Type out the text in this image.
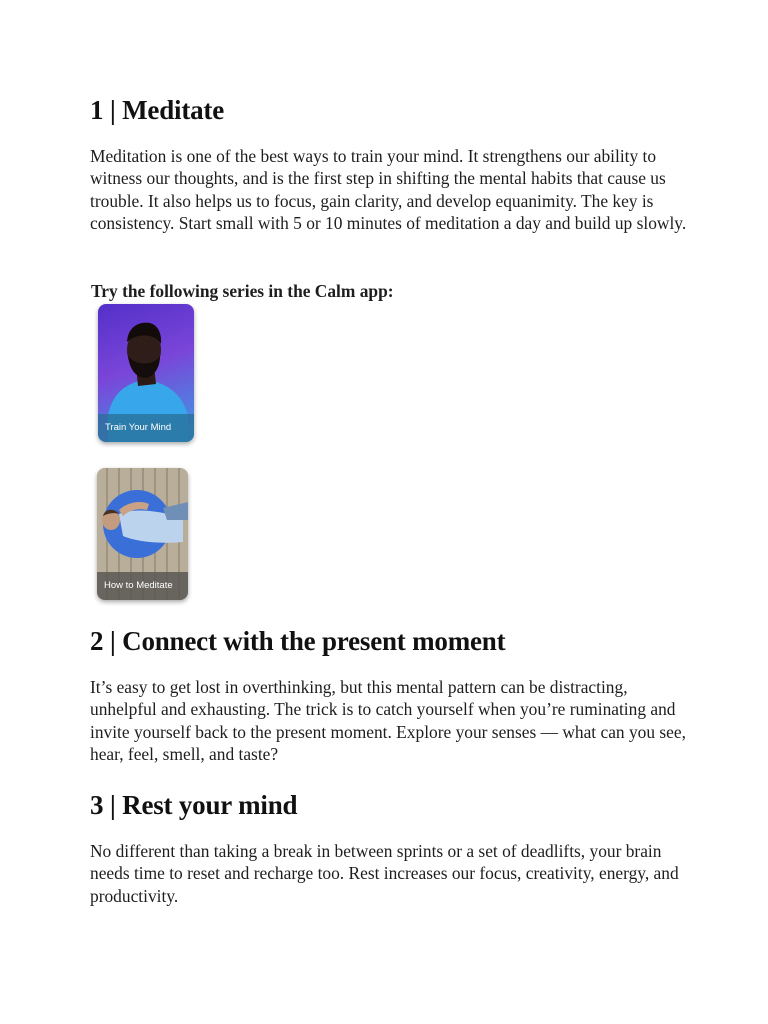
1 | Meditate

Meditation is one of the best ways to train your mind. It strengthens our ability to witness our thoughts, and is the first step in shifting the mental habits that cause us trouble. It also helps us to focus, gain clarity, and develop equanimity. The key is consistency. Start small with 5 or 10 minutes of meditation a day and build up slowly.

Try the following series in the Calm app:

Train Your Mind
How to Meditate
2 | Connect with the present moment

It’s easy to get lost in overthinking, but this mental pattern can be distracting, unhelpful and exhausting. The trick is to catch yourself when you’re ruminating and invite yourself back to the present moment. Explore your senses — what can you see, hear, feel, smell, and taste?

3 | Rest your mind

No different than taking a break in between sprints or a set of deadlifts, your brain needs time to reset and recharge too. Rest increases our focus, creativity, energy, and productivity.
